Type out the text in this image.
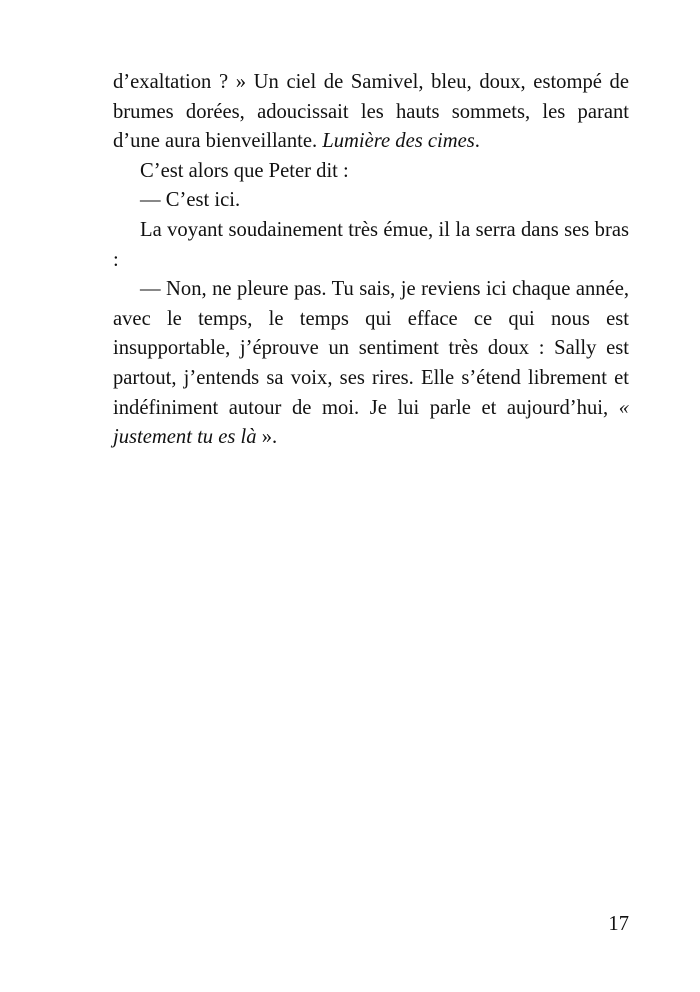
d’exaltation ? » Un ciel de Samivel, bleu, doux, estompé de brumes dorées, adoucissait les hauts sommets, les parant d’une aura bienveillante. Lumière des cimes.

C’est alors que Peter dit :

— C’est ici.

La voyant soudainement très émue, il la serra dans ses bras :

— Non, ne pleure pas. Tu sais, je reviens ici chaque année, avec le temps, le temps qui efface ce qui nous est insupportable, j’éprouve un sentiment très doux : Sally est partout, j’entends sa voix, ses rires. Elle s’étend librement et indéfiniment autour de moi. Je lui parle et aujourd’hui, « justement tu es là ».

17
